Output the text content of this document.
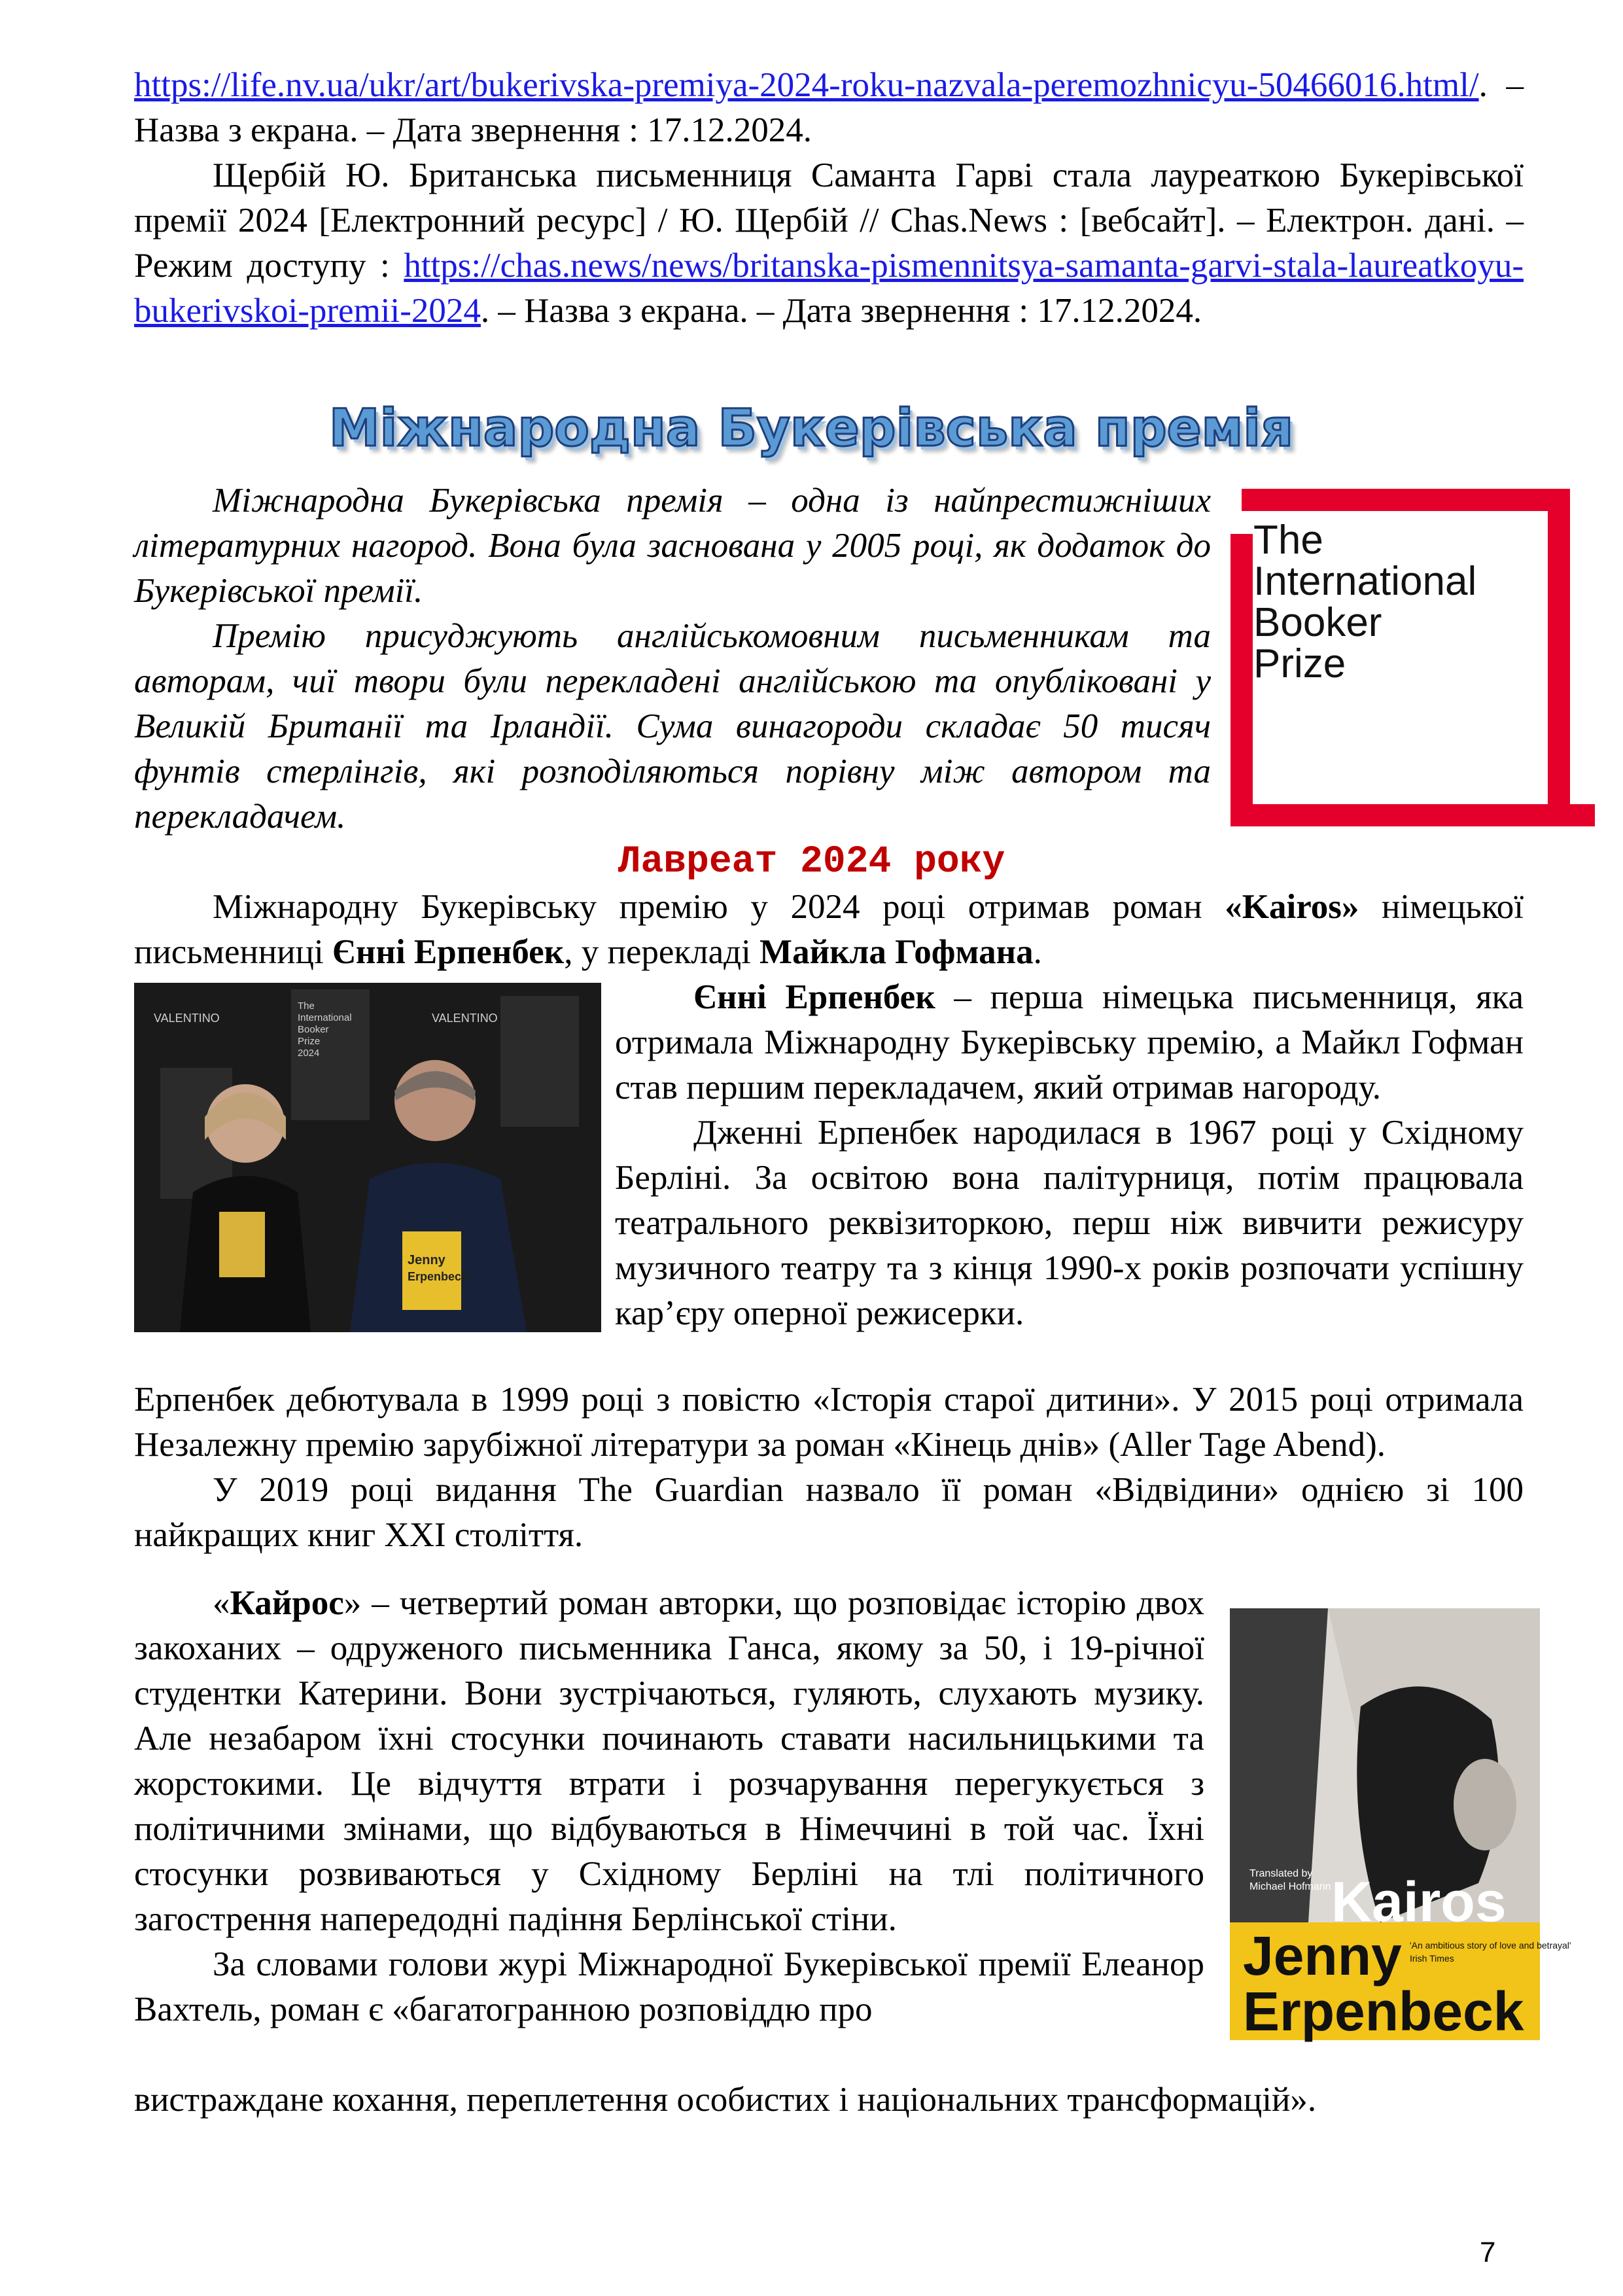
https://life.nv.ua/ukr/art/bukerivska-premiya-2024-roku-nazvala-peremozhnicyu-50466016.html/. – Назва з екрана. – Дата звернення : 17.12.2024.

Щербій Ю. Британська письменниця Саманта Гарві стала лауреаткою Букерівської премії 2024 [Електронний ресурс] / Ю. Щербій // Chas.News : [вебсайт]. – Електрон. дані. – Режим доступу : https://chas.news/news/britanska-pismennitsya-samanta-garvi-stala-laureatkoyu-bukerivskoi-premii-2024. – Назва з екрана. – Дата звернення : 17.12.2024.

Міжнародна Букерівська премія

Міжнародна Букерівська премія – одна із найпрестижніших літературних нагород. Вона була заснована у 2005 році, як додаток до Букерівської премії.

Премію присуджують англійськомовним письменникам та авторам, чиї твори були перекладені англійською та опубліковані у Великій Британії та Ірландії. Сума винагороди складає 50 тисяч фунтів стерлінгів, які розподіляються порівну між автором та перекладачем.

The
International
Booker
Prize
Лавреат 2024 року

Міжнародну Букерівську премію у 2024 році отримав роман «Kairos» німецької письменниці Єнні Ерпенбек, у перекладі Майкла Гофмана.

The
International
Booker
Prize
2024
VALENTINO	VALENTINO
Jenny
Erpenbeck

Єнні Ерпенбек – перша німецька письменниця, яка отримала Міжнародну Букерівську премію, а Майкл Гофман став першим перекладачем, який отримав нагороду.

Дженні Ерпенбек народилася в 1967 році у Східному Берліні. За освітою вона палітурниця, потім працювала театрального реквізиторкою, перш ніж вивчити режисуру музичного театру та з кінця 1990-х років розпочати успішну кар’єру оперної режисерки.

Ерпенбек дебютувала в 1999 році з повістю «Історія старої дитини». У 2015 році отримала Незалежну премію зарубіжної літератури за роман «Кінець днів» (Aller Tage Abend).

У 2019 році видання The Guardian назвало її роман «Відвідини» однією зі 100 найкращих книг XXI століття.

«Кайрос» – четвертий роман авторки, що розповідає історію двох закоханих – одруженого письменника Ганса, якому за 50, і 19-річної студентки Катерини. Вони зустрічаються, гуляють, слухають музику. Але незабаром їхні стосунки починають ставати насильницькими та жорстокими. Це відчуття втрати і розчарування перегукується з політичними змінами, що відбуваються в Німеччині в той час. Їхні стосунки розвиваються у Східному Берліні на тлі політичного загострення напередодні падіння Берлінської стіни.

За словами голови журі Міжнародної Букерівської премії Елеанор Вахтель, роман є «багатогранною розповіддю про

вистраждане кохання, переплетення особистих і національних трансформацій».
Translated by
Michael Hofmann Kairos
Jenny
Erpenbeck
'An ambitious story of love and betrayal'
Irish Times
7
